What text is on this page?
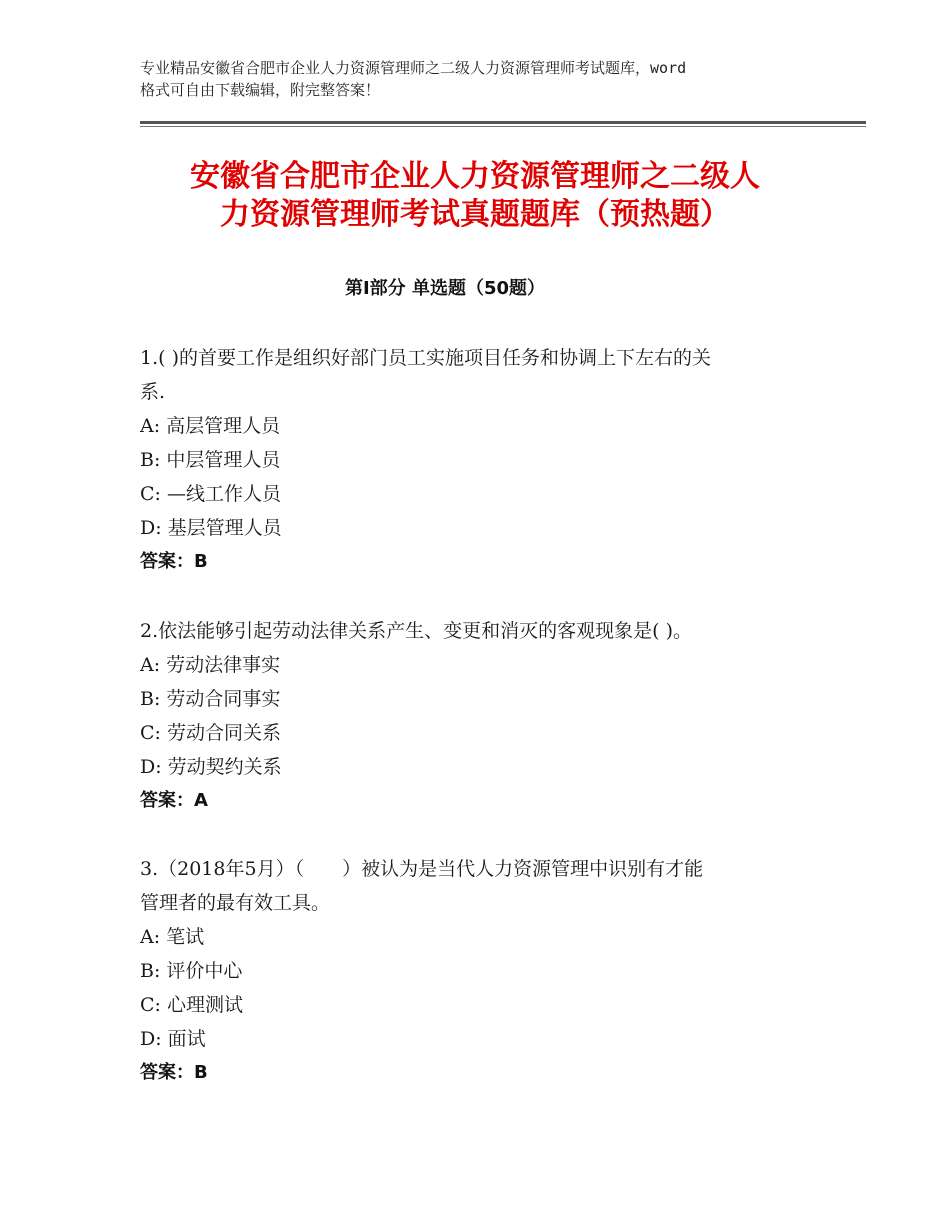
专业精品安徽省合肥市企业人力资源管理师之二级人力资源管理师考试题库，word
格式可自由下载编辑，附完整答案！
安徽省合肥市企业人力资源管理师之二级人
力资源管理师考试真题题库（预热题）
第Ⅰ部分 单选题（50题）
1.( )的首要工作是组织好部门员工实施项目任务和协调上下左右的关
系.
A: 高层管理人员
B: 中层管理人员
C: —线工作人员
D: 基层管理人员
答案：B
2.依法能够引起劳动法律关系产生、变更和消灭的客观现象是( )。
A: 劳动法律事实
B: 劳动合同事实
C: 劳动合同关系
D: 劳动契约关系
答案：A
3.（2018年5月）（　　）被认为是当代人力资源管理中识别有才能
管理者的最有效工具。
A: 笔试
B: 评价中心
C: 心理测试
D: 面试
答案：B
